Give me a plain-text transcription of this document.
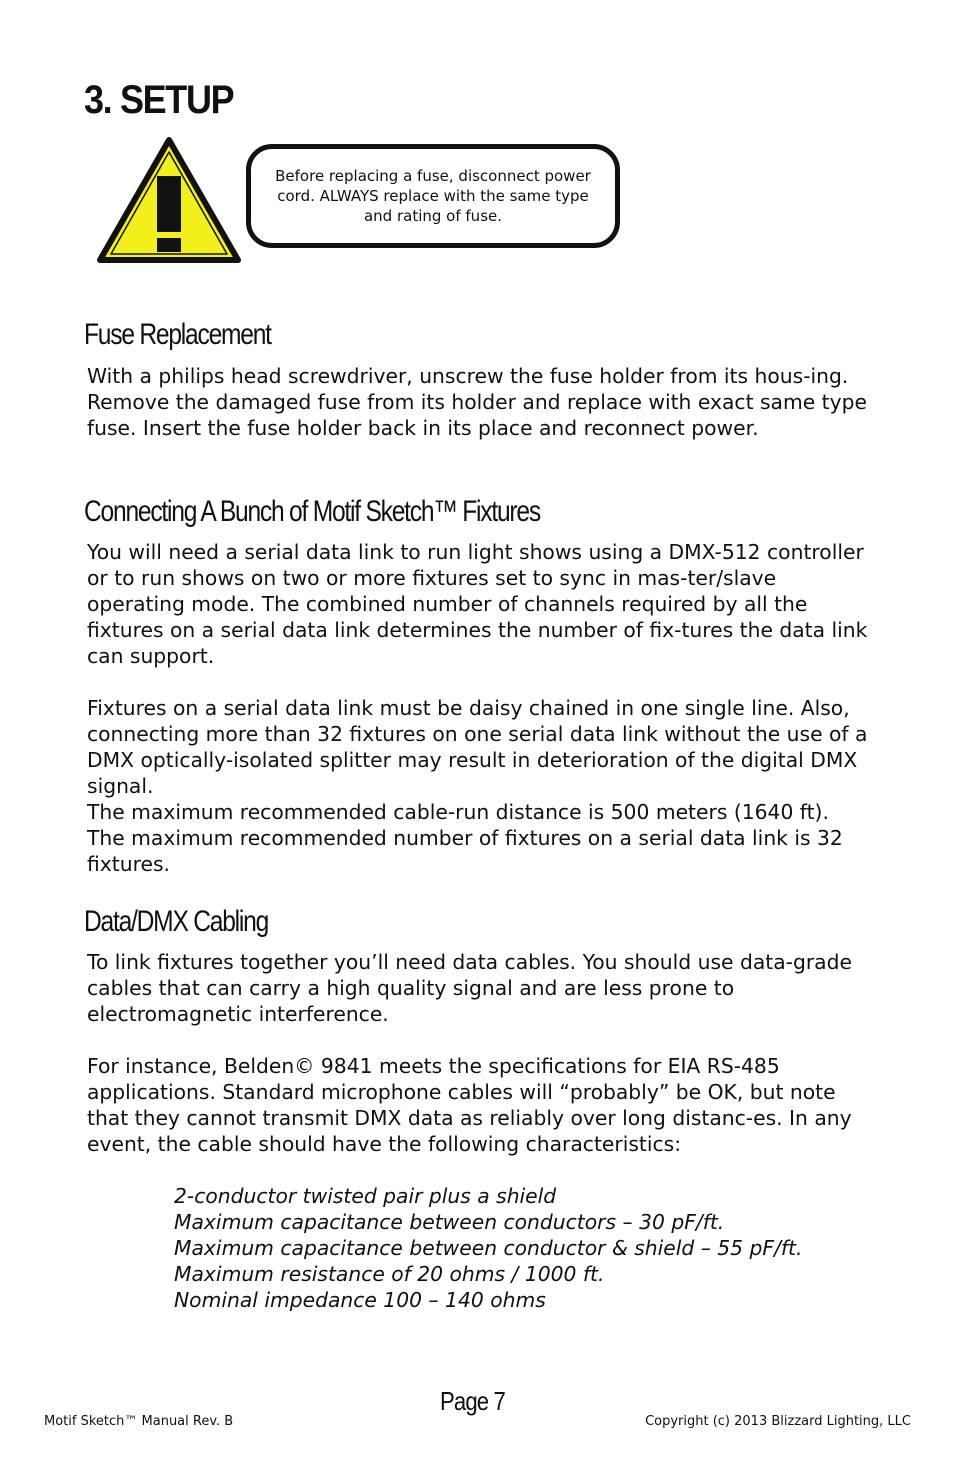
3. SETUP
Before replacing a fuse, disconnect power cord. ALWAYS replace with the same type and rating of fuse.
Fuse Replacement

With a philips head screwdriver, unscrew the fuse holder from its hous-ing. Remove the damaged fuse from its holder and replace with exact same type fuse. Insert the fuse holder back in its place and reconnect power.

Connecting A Bunch of Motif Sketch™ Fixtures

You will need a serial data link to run light shows using a DMX-512 controller or to run shows on two or more fixtures set to sync in mas-ter/slave operating mode. The combined number of channels required by all the fixtures on a serial data link determines the number of fix-tures the data link can support.

Fixtures on a serial data link must be daisy chained in one single line. Also, connecting more than 32 fixtures on one serial data link without the use of a DMX optically-isolated splitter may result in deterioration of the digital DMX signal.

The maximum recommended cable-run distance is 500 meters (1640 ft). The maximum recommended number of fixtures on a serial data link is 32 fixtures.

Data/DMX Cabling

To link fixtures together you’ll need data cables. You should use data-grade cables that can carry a high quality signal and are less prone to electromagnetic interference.

For instance, Belden© 9841 meets the specifications for EIA RS-485 applications. Standard microphone cables will “probably” be OK, but note that they cannot transmit DMX data as reliably over long distanc-es. In any event, the cable should have the following characteristics:

2-conductor twisted pair plus a shield
Maximum capacitance between conductors – 30 pF/ft.
Maximum capacitance between conductor & shield – 55 pF/ft.
Maximum resistance of 20 ohms / 1000 ft.
Nominal impedance 100 – 140 ohms
Page 7
Motif Sketch™ Manual Rev. B	Copyright (c) 2013 Blizzard Lighting, LLC
